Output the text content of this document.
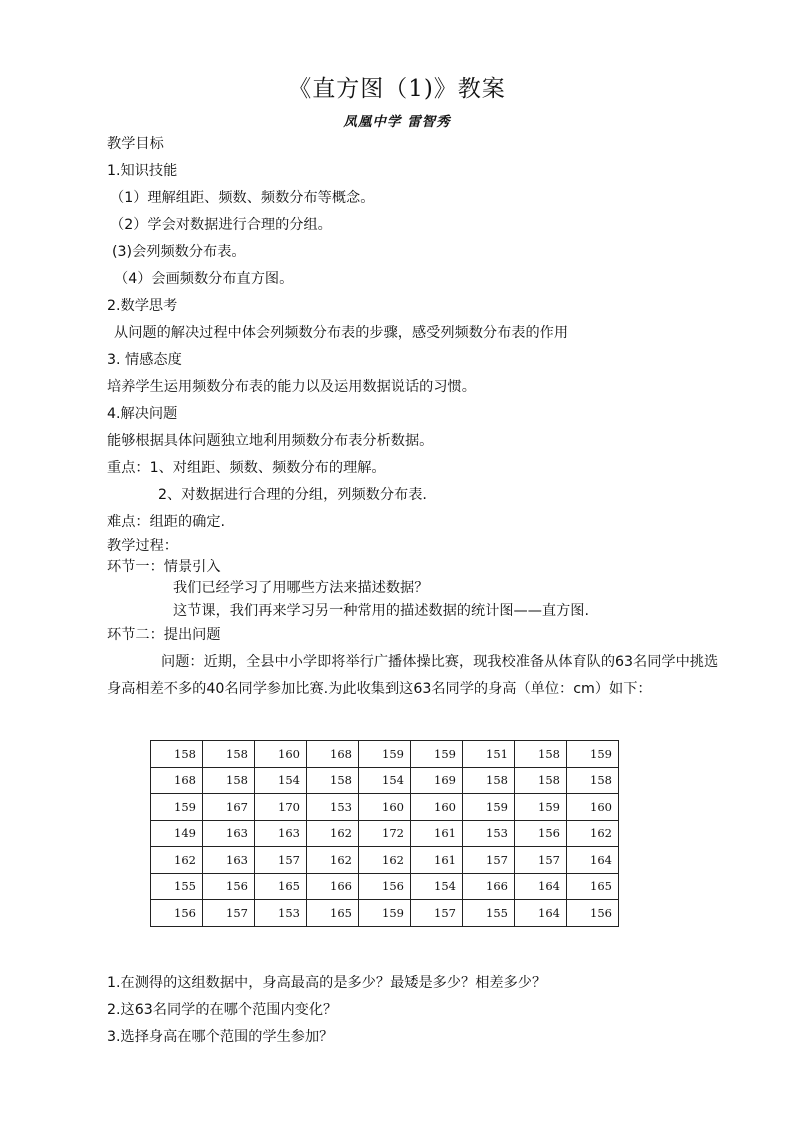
《直方图（1)》教案
凤凰中学 雷智秀
教学目标
1.知识技能
（1）理解组距、频数、频数分布等概念。
（2）学会对数据进行合理的分组。
(3)会列频数分布表。
（4）会画频数分布直方图。
2.数学思考
从问题的解决过程中体会列频数分布表的步骤，感受列频数分布表的作用
3. 情感态度
培养学生运用频数分布表的能力以及运用数据说话的习惯。
4.解决问题
能够根据具体问题独立地利用频数分布表分析数据。
重点：1、对组距、频数、频数分布的理解。
2、对数据进行合理的分组，列频数分布表.
难点：组距的确定.
教学过程：
环节一：情景引入
我们已经学习了用哪些方法来描述数据？
这节课，我们再来学习另一种常用的描述数据的统计图——直方图.
环节二：提出问题
问题：近期，全县中小学即将举行广播体操比赛，现我校准备从体育队的63名同学中挑选身高相差不多的40名同学参加比赛.为此收集到这63名同学的身高（单位：cm）如下：
158	158	160	168	159	159	151	158	159
168	158	154	158	154	169	158	158	158
159	167	170	153	160	160	159	159	160
149	163	163	162	172	161	153	156	162
162	163	157	162	162	161	157	157	164
155	156	165	166	156	154	166	164	165
156	157	153	165	159	157	155	164	156
1.在测得的这组数据中，身高最高的是多少？最矮是多少？相差多少？
2.这63名同学的在哪个范围内变化？
3.选择身高在哪个范围的学生参加？
